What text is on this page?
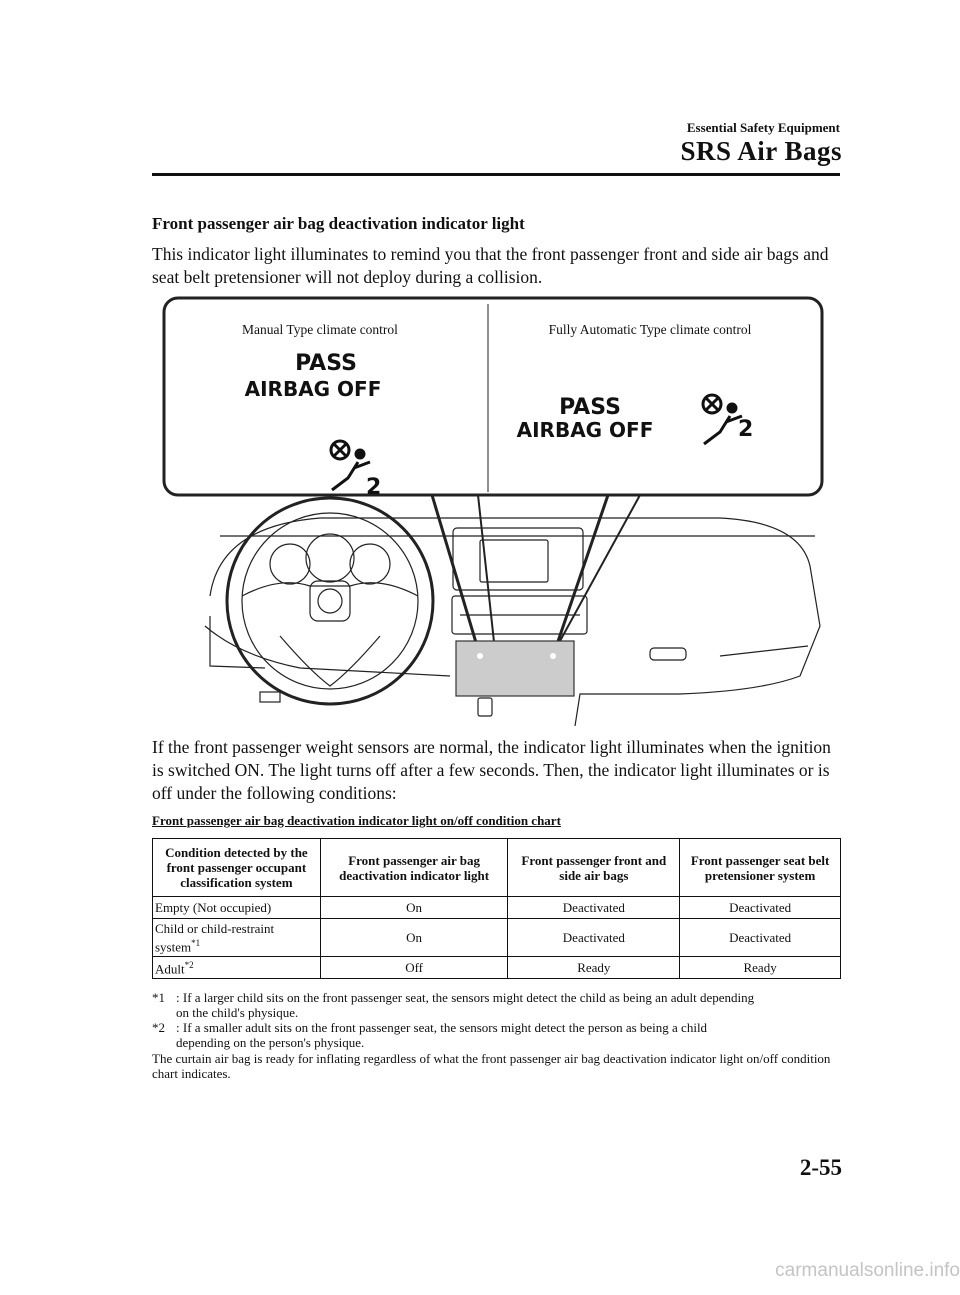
Essential Safety Equipment
SRS Air Bags
Front passenger air bag deactivation indicator light
This indicator light illuminates to remind you that the front passenger front and side air bags and seat belt pretensioner will not deploy during a collision.
PASS
AIRBAG OFF
PASS
AIRBAG OFF
2
2
Manual Type climate control	Fully Automatic Type climate control
If the front passenger weight sensors are normal, the indicator light illuminates when the ignition is switched ON. The light turns off after a few seconds. Then, the indicator light illuminates or is off under the following conditions:
Front passenger air bag deactivation indicator light on/off condition chart
Condition detected by the front passenger occupant classification system	Front passenger air bag deactivation indicator light	Front passenger front and side air bags	Front passenger seat belt pretensioner system
Empty (Not occupied)	On	Deactivated	Deactivated
Child or child-restraint system$^{*1}$	On	Deactivated	Deactivated
Adult$^{*2}$	Off	Ready	Ready
*1 : If a larger child sits on the front passenger seat, the sensors might detect the child as being an adult depending
on the child's physique.
*2 : If a smaller adult sits on the front passenger seat, the sensors might detect the person as being a child
depending on the person's physique.
The curtain air bag is ready for inflating regardless of what the front passenger air bag deactivation indicator light on/off condition chart indicates.
2-55
carmanualsonline.info
